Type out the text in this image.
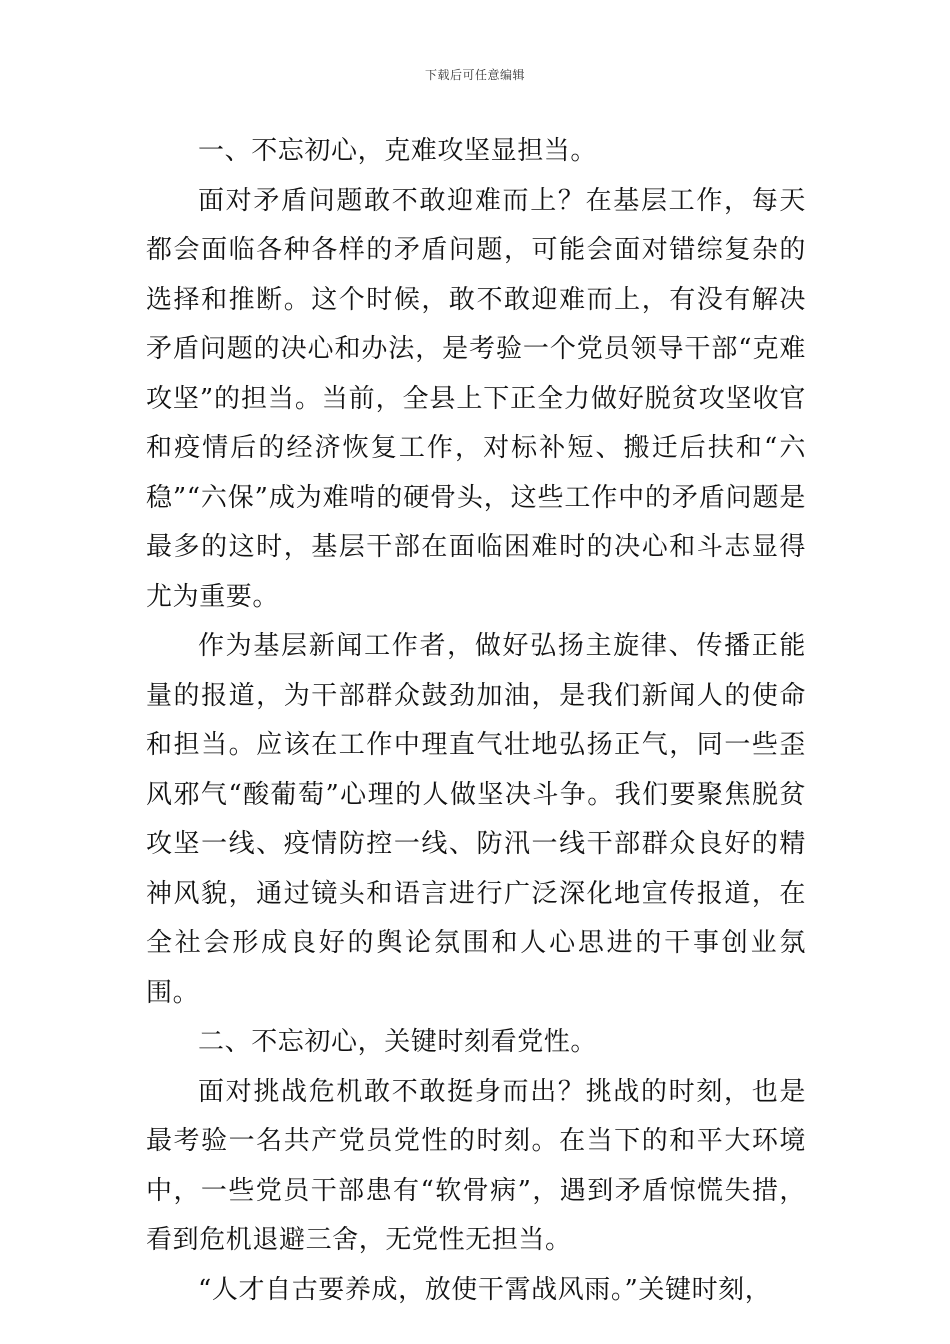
下载后可任意编辑

一、不忘初心，克难攻坚显担当。

面对矛盾问题敢不敢迎难而上？在基层工作，每天都会面临各种各样的矛盾问题，可能会面对错综复杂的选择和推断。这个时候，敢不敢迎难而上，有没有解决矛盾问题的决心和办法，是考验一个党员领导干部“克难攻坚”的担当。当前，全县上下正全力做好脱贫攻坚收官和疫情后的经济恢复工作，对标补短、搬迁后扶和“六稳”“六保”成为难啃的硬骨头，这些工作中的矛盾问题是最多的这时，基层干部在面临困难时的决心和斗志显得尤为重要。

作为基层新闻工作者，做好弘扬主旋律、传播正能量的报道，为干部群众鼓劲加油，是我们新闻人的使命和担当。应该在工作中理直气壮地弘扬正气，同一些歪风邪气“酸葡萄”心理的人做坚决斗争。我们要聚焦脱贫攻坚一线、疫情防控一线、防汛一线干部群众良好的精神风貌，通过镜头和语言进行广泛深化地宣传报道，在全社会形成良好的舆论氛围和人心思进的干事创业氛围。

二、不忘初心，关键时刻看党性。

面对挑战危机敢不敢挺身而出？挑战的时刻，也是最考验一名共产党员党性的时刻。在当下的和平大环境中，一些党员干部患有“软骨病”，遇到矛盾惊慌失措，看到危机退避三舍，无党性无担当。

“人才自古要养成，放使干霄战风雨。”关键时刻，
